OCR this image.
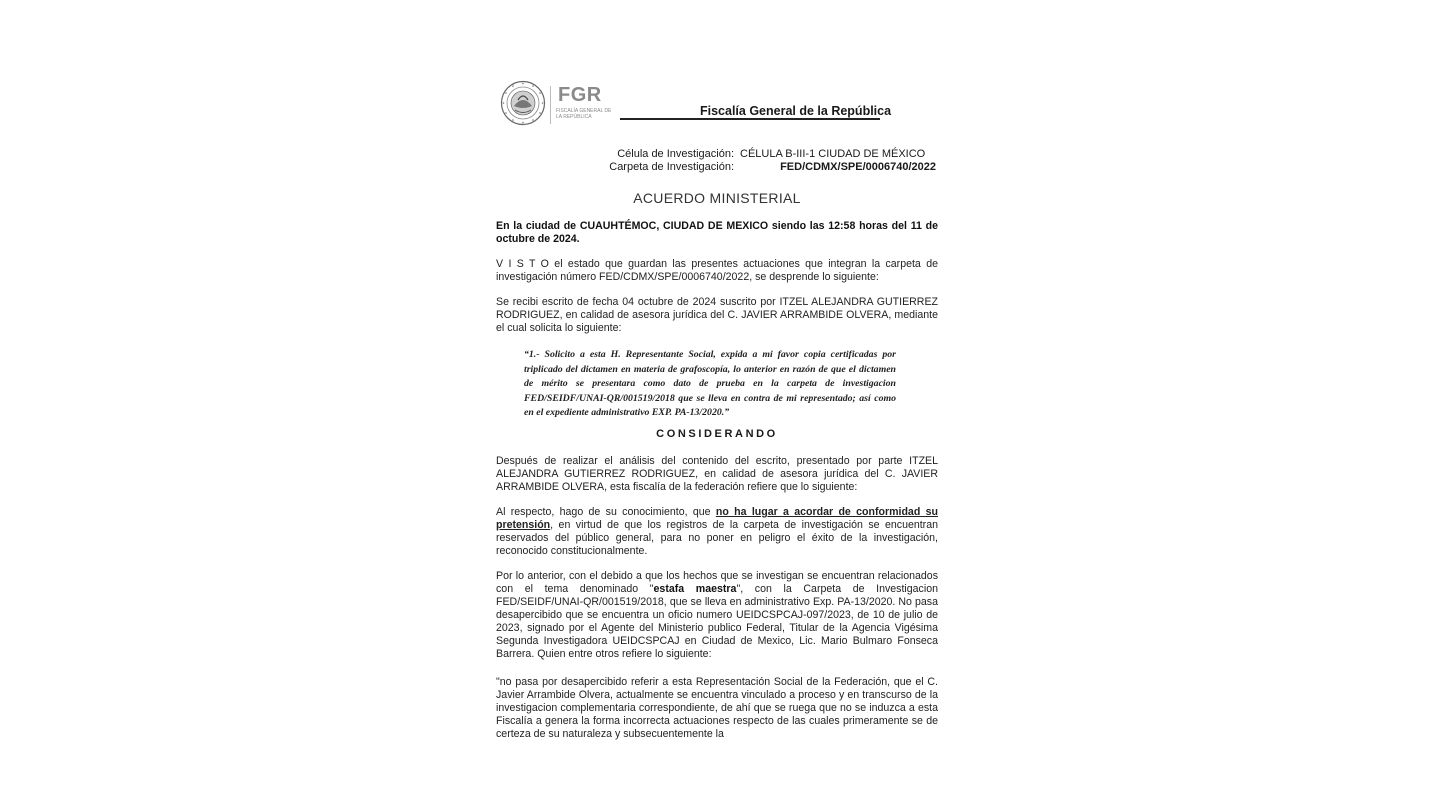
FGR
FISCALÍA GENERAL DE LA REPÚBLICA	Fiscalía General de la República
Célula de Investigación: CÉLULA B-III-1 CIUDAD DE MÉXICO
Carpeta de Investigación:	FED/CDMX/SPE/0006740/2022
ACUERDO MINISTERIAL
En la ciudad de CUAUHTÉMOC, CIUDAD DE MEXICO siendo las 12:58 horas del 11 de octubre de 2024.
V I S T O el estado que guardan las presentes actuaciones que integran la carpeta de investigación número FED/CDMX/SPE/0006740/2022, se desprende lo siguiente:
Se recibi escrito de fecha 04 octubre de 2024 suscrito por ITZEL ALEJANDRA GUTIERREZ RODRIGUEZ, en calidad de asesora jurídica del C. JAVIER ARRAMBIDE OLVERA, mediante el cual solicita lo siguiente:
“1.- Solicito a esta H. Representante Social, expida a mi favor copia certificadas por triplicado del dictamen en materia de grafoscopía, lo anterior en razón de que el dictamen de mérito se presentara como dato de prueba en la carpeta de investigacion FED/SEIDF/UNAI-QR/001519/2018 que se lleva en contra de mi representado; así como en el expediente administrativo EXP. PA-13/2020.”
CONSIDERANDO
Después de realizar el análisis del contenido del escrito, presentado por parte ITZEL ALEJANDRA GUTIERREZ RODRIGUEZ, en calidad de asesora jurídica del C. JAVIER ARRAMBIDE OLVERA, esta fiscalía de la federación refiere que lo siguiente:
Al respecto, hago de su conocimiento, que no ha lugar a acordar de conformidad su pretensión, en virtud de que los registros de la carpeta de investigación se encuentran reservados del público general, para no poner en peligro el éxito de la investigación, reconocido constitucionalmente.
Por lo anterior, con el debido a que los hechos que se investigan se encuentran relacionados con el tema denominado "estafa maestra", con la Carpeta de Investigacion FED/SEIDF/UNAI-QR/001519/2018, que se lleva en administrativo Exp. PA-13/2020. No pasa desapercibido que se encuentra un oficio numero UEIDCSPCAJ-097/2023, de 10 de julio de 2023, signado por el Agente del Ministerio publico Federal, Titular de la Agencia Vigésima Segunda Investigadora UEIDCSPCAJ en Ciudad de Mexico, Lic. Mario Bulmaro Fonseca Barrera. Quien entre otros refiere lo siguiente:
"no pasa por desapercibido referir a esta Representación Social de la Federación, que el C. Javier Arrambide Olvera, actualmente se encuentra vinculado a proceso y en transcurso de la investigacion complementaria correspondiente, de ahí que se ruega que no se induzca a esta Fiscalía a genera la forma incorrecta actuaciones respecto de las cuales primeramente se de certeza de su naturaleza y subsecuentemente la
